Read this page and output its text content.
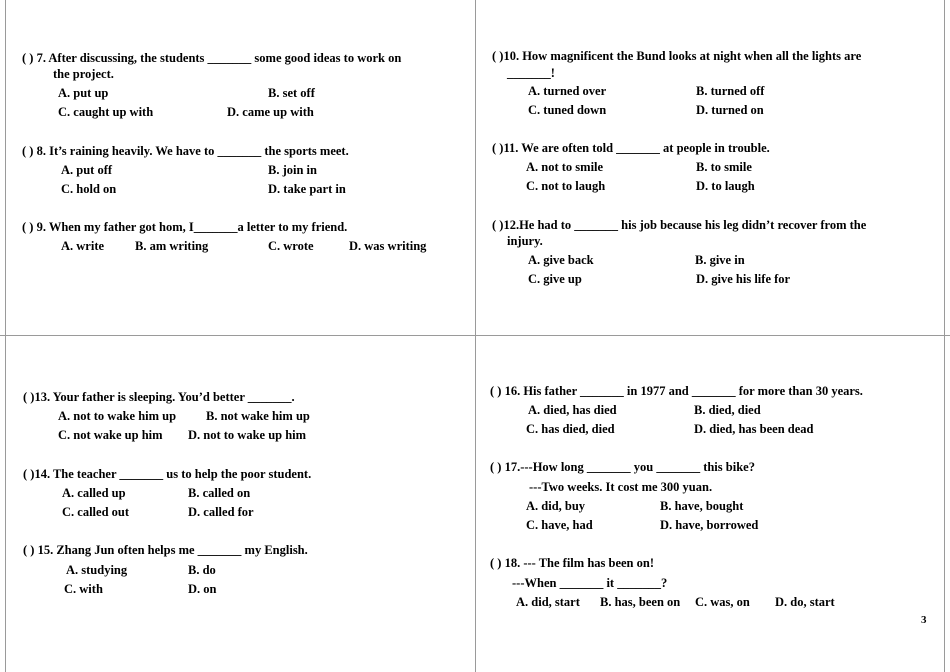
( ) 7. After discussing, the students _______ some good ideas to work on
the project.
A. put up	B. set off
C. caught up with	D. came up with
( ) 8. It’s raining heavily. We have to _______ the sports meet.
A. put off	B. join in
C. hold on	D. take part in
( ) 9. When my father got hom, I_______a letter to my friend.
A. write B. am writing	C. wrote	D. was writing
( )10. How magnificent the Bund looks at night when all the lights are
_______!
A. turned over	B. turned off
C. tuned down	D. turned on
( )11. We are often told _______ at people in trouble.
A. not to smile	B. to smile
C. not to laugh	D. to laugh
( )12.He had to _______ his job because his leg didn’t recover from the
injury.
A. give back	B. give in
C. give up	D. give his life for
( )13. Your father is sleeping. You’d better _______.
A. not to wake him up B. not wake him up
C. not wake up him D. not to wake up him
( )14. The teacher _______ us to help the poor student.
A. called up	B. called on
C. called out	D. called for
( ) 15. Zhang Jun often helps me _______ my English.
A. studying	B. do
C. with	D. on
( ) 16. His father _______ in 1977 and _______ for more than 30 years.
A. died, has died	B. died, died
C. has died, died	D. died, has been dead
( ) 17.---How long _______ you _______ this bike?
---Two weeks. It cost me 300 yuan.
A. did, buy	B. have, bought
C. have, had	D. have, borrowed
( ) 18. --- The film has been on!
---When _______ it _______?
A. did, start B. has, been on C. was, on D. do, start
3
